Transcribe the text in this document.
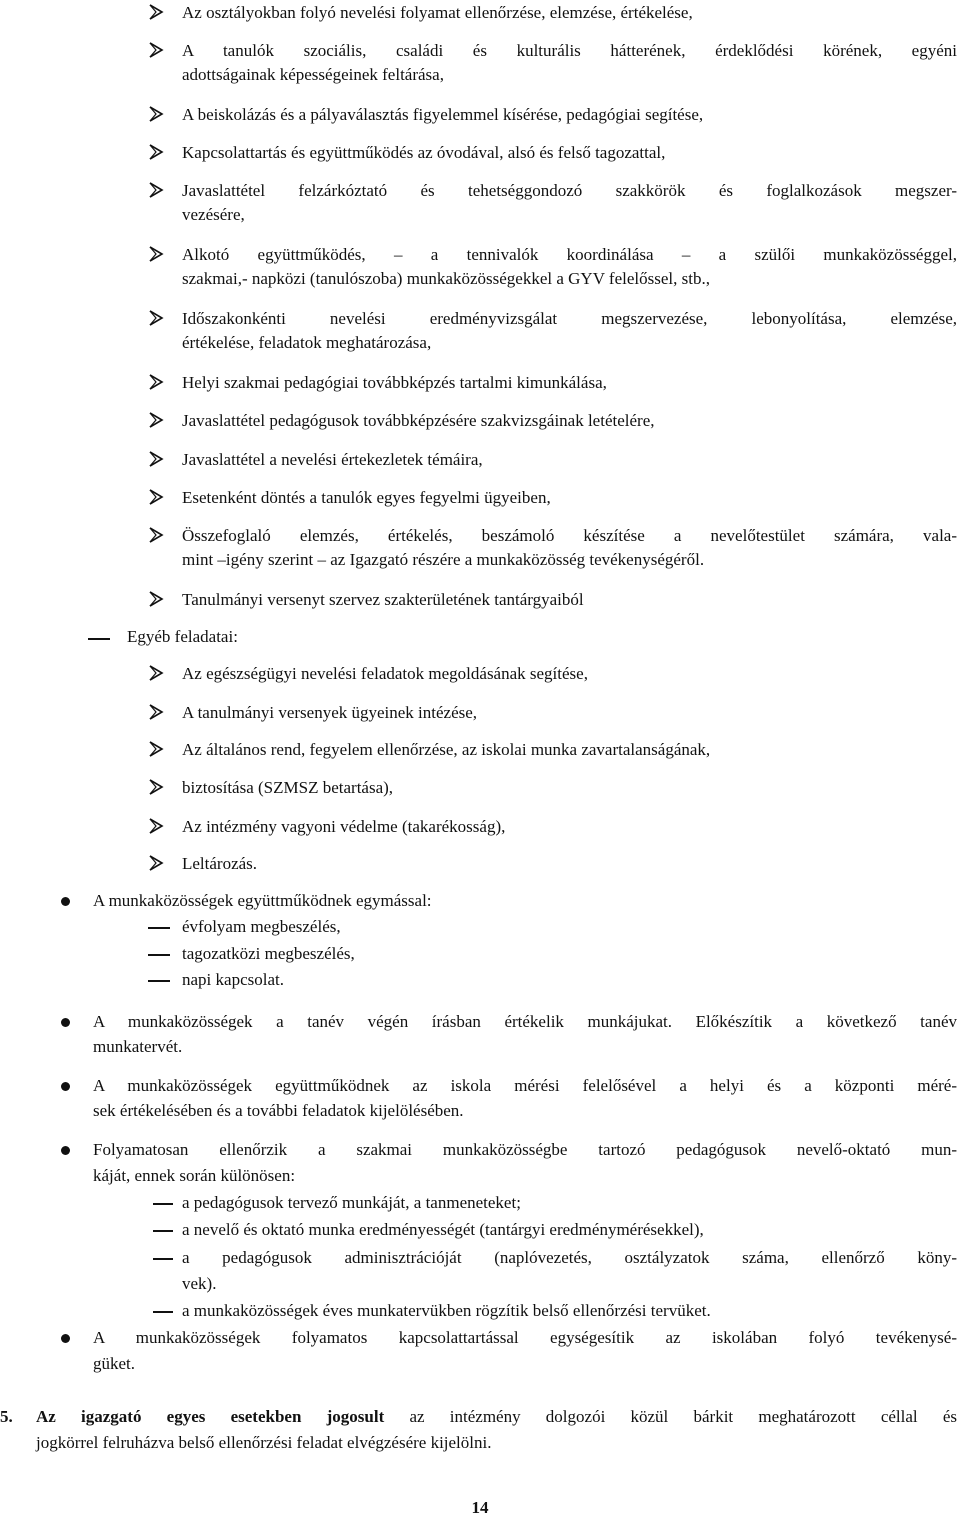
Az osztályokban folyó nevelési folyamat ellenőrzése, elemzése, értékelése,
A tanulók szociális, családi és kulturális hátterének, érdeklődési körének, egyéni
adottságainak képességeinek feltárása,
A beiskolázás és a pályaválasztás figyelemmel kísérése, pedagógiai segítése,
Kapcsolattartás és együttműködés az óvodával, alsó és felső tagozattal,
Javaslattétel felzárkóztató és tehetséggondozó szakkörök és foglalkozások megszer-
vezésére,
Alkotó együttműködés, – a tennivalók koordinálása – a szülői munkaközösséggel,
szakmai,- napközi (tanulószoba) munkaközösségekkel a GYV felelőssel, stb.,
Időszakonkénti nevelési eredményvizsgálat megszervezése, lebonyolítása, elemzése,
értékelése, feladatok meghatározása,
Helyi szakmai pedagógiai továbbképzés tartalmi kimunkálása,
Javaslattétel pedagógusok továbbképzésére szakvizsgáinak letételére,
Javaslattétel a nevelési értekezletek témáira,
Esetenként döntés a tanulók egyes fegyelmi ügyeiben,
Összefoglaló elemzés, értékelés, beszámoló készítése a nevelőtestület számára, vala-
mint –igény szerint – az Igazgató részére a munkaközösség tevékenységéről.
Tanulmányi versenyt szervez szakterületének tantárgyaiból
Egyéb feladatai:
Az egészségügyi nevelési feladatok megoldásának segítése,
A tanulmányi versenyek ügyeinek intézése,
Az általános rend, fegyelem ellenőrzése, az iskolai munka zavartalanságának,
biztosítása (SZMSZ betartása),
Az intézmény vagyoni védelme (takarékosság),
Leltározás.
A munkaközösségek együttműködnek egymással:
évfolyam megbeszélés,
tagozatközi megbeszélés,
napi kapcsolat.
A munkaközösségek a tanév végén írásban értékelik munkájukat. Előkészítik a következő tanév
munkatervét.
A munkaközösségek együttműködnek az iskola mérési felelősével a helyi és a központi méré-
sek értékelésében és a további feladatok kijelölésében.
Folyamatosan ellenőrzik a szakmai munkaközösségbe tartozó pedagógusok nevelő-oktató mun-
káját, ennek során különösen:
a pedagógusok tervező munkáját, a tanmeneteket;
a nevelő és oktató munka eredményességét (tantárgyi eredménymérésekkel),
a pedagógusok adminisztrációját (naplóvezetés, osztályzatok száma, ellenőrző köny-
vek).
a munkaközösségek éves munkatervükben rögzítik belső ellenőrzési tervüket.
A munkaközösségek folyamatos kapcsolattartással egységesítik az iskolában folyó tevékenysé-
güket.
5. Az igazgató egyes esetekben jogosult az intézmény dolgozói közül bárkit meghatározott céllal és
jogkörrel felruházva belső ellenőrzési feladat elvégzésére kijelölni.
14
